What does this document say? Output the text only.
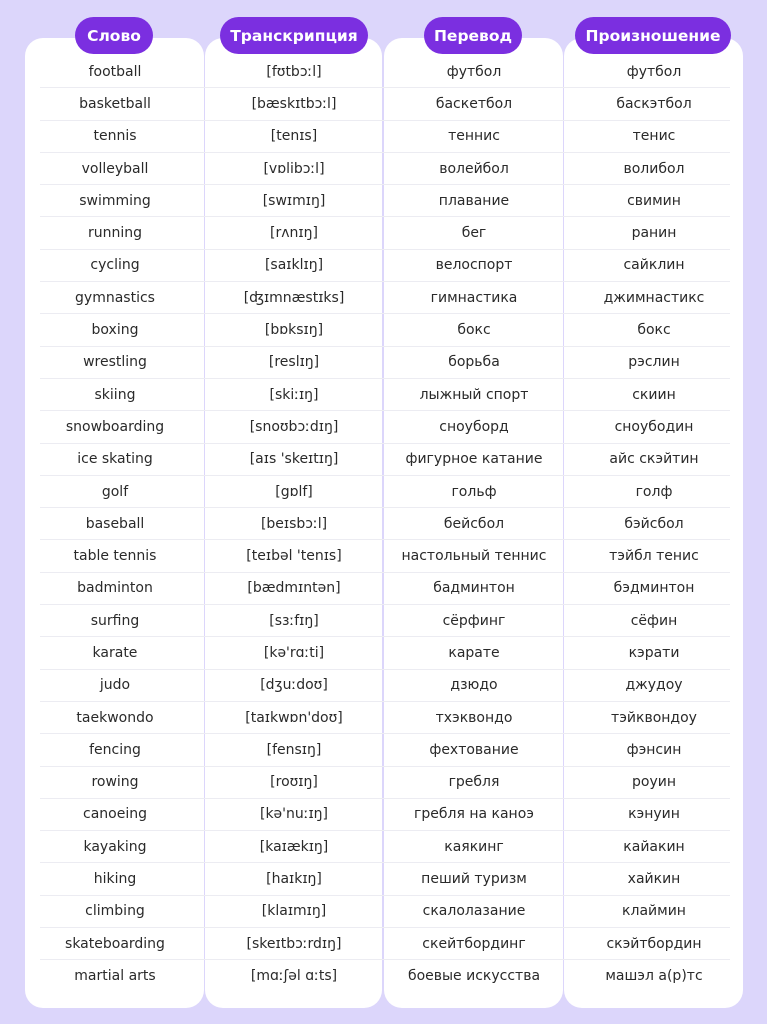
Слово	Транскрипция	Перевод	Произношение
football	[fʊtbɔːl]	футбол	футбол
basketball	[bæskɪtbɔːl]	баскетбол	баскэтбол
tennis	[tenɪs]	теннис	тенис
volleyball	[vɒlibɔːl]	волейбол	волибол
swimming	[swɪmɪŋ]	плавание	свимин
running	[rʌnɪŋ]	бег	ранин
cycling	[saɪklɪŋ]	велоспорт	сайклин
gymnastics	[ʤɪmnæstɪks]	гимнастика	джимнастикс
boxing	[bɒksɪŋ]	бокс	бокс
wrestling	[reslɪŋ]	борьба	рэслин
skiing	[skiːɪŋ]	лыжный спорт	скиин
snowboarding	[snoʊbɔːdɪŋ]	сноуборд	сноубодин
ice skating	[aɪs 'skeɪtɪŋ]	фигурное катание	айс скэйтин
golf	[gɒlf]	гольф	голф
baseball	[beɪsbɔːl]	бейсбол	бэйсбол
table tennis	[teɪbəl 'tenɪs]	настольный теннис	тэйбл тенис
badminton	[bædmɪntən]	бадминтон	бэдминтон
surfing	[sɜːfɪŋ]	сёрфинг	сёфин
karate	[kə'rɑːti]	карате	кэрати
judo	[dʒuːdoʊ]	дзюдо	джудоу
taekwondo	[taɪkwɒn'doʊ]	тхэквондо	тэйквондоу
fencing	[fensɪŋ]	фехтование	фэнсин
rowing	[roʊɪŋ]	гребля	роуин
canoeing	[kə'nuːɪŋ]	гребля на каноэ	кэнуин
kayaking	[kaɪækɪŋ]	каякинг	кайакин
hiking	[haɪkɪŋ]	пеший туризм	хайкин
climbing	[klaɪmɪŋ]	скалолазание	клаймин
skateboarding	[skeɪtbɔːrdɪŋ]	скейтбординг	скэйтбордин
martial arts	[mɑːʃəl ɑːts]	боевые искусства	машэл а(р)тс
